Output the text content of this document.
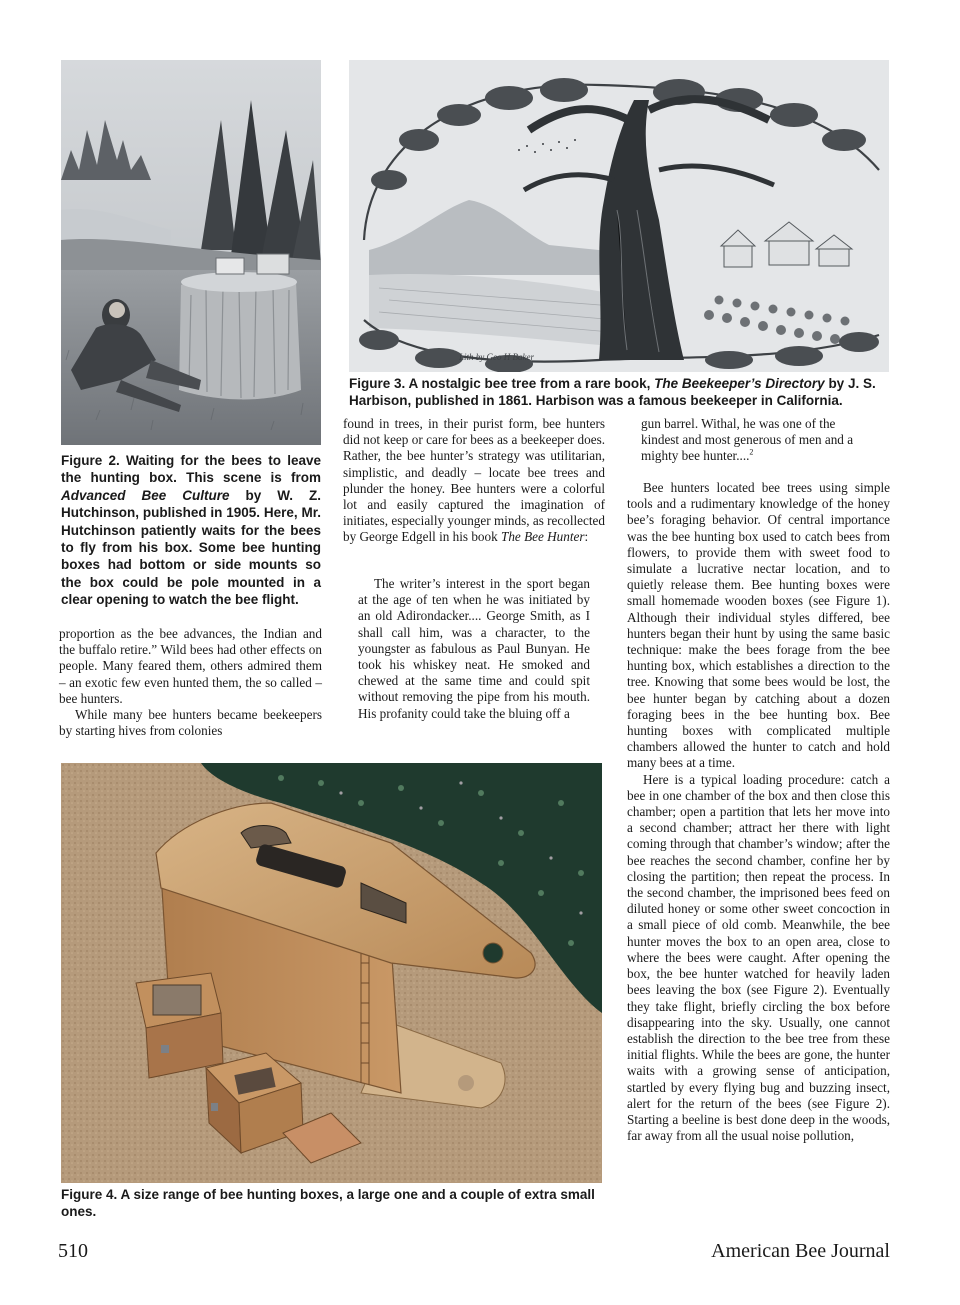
Figure 2. Waiting for the bees to leave the hunting box. This scene is from Advanced Bee Culture by W. Z. Hutchinson, published in 1905. Here, Mr. Hutchinson patiently waits for the bees to fly from his box. Some bee hunting boxes had bottom or side mounts so the box could be pole mounted in a clear opening to watch the bee flight.

proportion as the bee advances, the Indian and the buffalo retire.” Wild bees had other effects on people. Many feared them, others admired them – an exotic few even hunted them, the so called – bee hunters.

While many bee hunters became beekeepers by starting hives from colonies

Lith by Geo H Baker
Figure 3. A nostalgic bee tree from a rare book, The Beekeeper’s Directory by J. S. Harbison, published in 1861. Harbison was a famous beekeeper in California.

found in trees, in their purist form, bee hunters did not keep or care for bees as a beekeeper does. Rather, the bee hunter’s strategy was utilitarian, simplistic, and deadly – locate bee trees and plunder the honey. Bee hunters were a colorful lot and easily captured the imagination of initiates, especially younger minds, as recollected by George Edgell in his book The Bee Hunter:

The writer’s interest in the sport began at the age of ten when he was initiated by an old Adirondacker.... George Smith, as I shall call him, was a character, to the youngster as fabulous as Paul Bunyan. He took his whiskey neat. He smoked and chewed at the same time and could spit without removing the pipe from his mouth. His profanity could take the bluing off a

gun barrel. Withal, he was one of the kindest and most generous of men and a mighty bee hunter....$^2$

Bee hunters located bee trees using simple tools and a rudimentary knowledge of the honey bee’s foraging behavior. Of central importance was the bee hunting box used to catch bees from flowers, to provide them with sweet food to simulate a lucrative nectar location, and to quietly release them. Bee hunting boxes were small homemade wooden boxes (see Figure 1). Although their individual styles differed, bee hunters began their hunt by using the same basic technique: make the bees forage from the bee hunting box, which establishes a direction to the tree. Knowing that some bees would be lost, the bee hunter began by catching about a dozen foraging bees in the bee hunting box. Bee hunting boxes with complicated multiple chambers allowed the hunter to catch and hold many bees at a time.

Here is a typical loading procedure: catch a bee in one chamber of the box and then close this chamber; open a partition that lets her move into a second chamber; attract her there with light coming through that chamber’s window; after the bee reaches the second chamber, confine her by closing the partition; then repeat the process. In the second chamber, the imprisoned bees feed on diluted honey or some other sweet concoction in a small piece of old comb. Meanwhile, the bee hunter moves the box to an open area, close to where the bees were caught. After opening the box, the bee hunter watched for heavily laden bees leaving the box (see Figure 2). Eventually they take flight, briefly circling the box before disappearing into the sky. Usually, one cannot establish the direction to the bee tree from these initial flights. While the bees are gone, the hunter waits with a growing sense of anticipation, startled by every flying bug and buzzing insect, alert for the return of the bees (see Figure 2). Starting a beeline is best done deep in the woods, far away from all the usual noise pollution,

Figure 4. A size range of bee hunting boxes, a large one and a couple of extra small ones.
510	American Bee Journal
